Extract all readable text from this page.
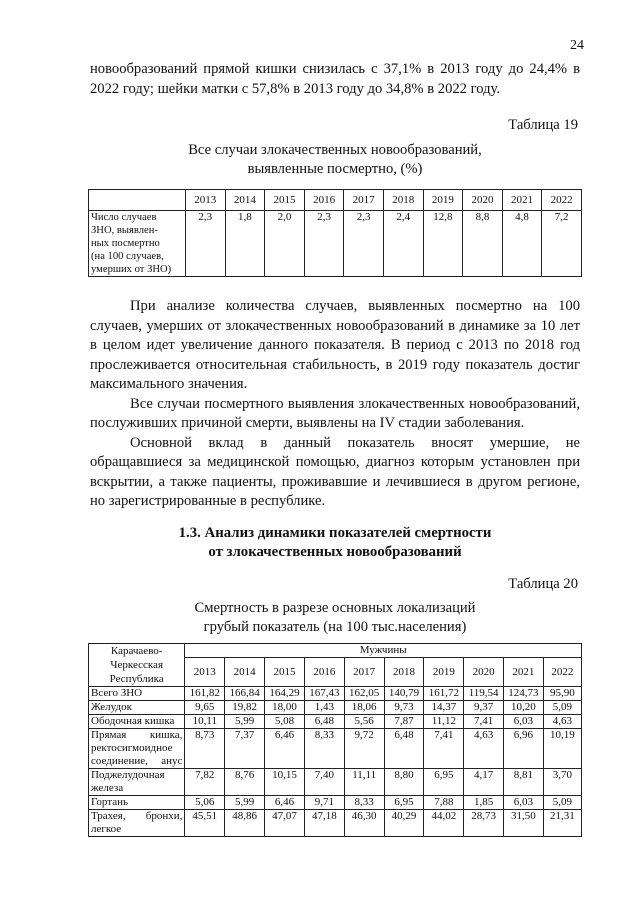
24

новообразований прямой кишки снизилась с 37,1% в 2013 году до 24,4% в

2022 году; шейки матки с 57,8% в 2013 году до 34,8% в 2022 году.

Таблица 19
Все случаи злокачественных новообразований,
выявленные посмертно, (%)
	2013	2014	2015	2016	2017	2018	2019	2020	2021	2022

Число случаев
ЗНО, выявлен-
ных посмертно
(на 100 случаев,
умерших от ЗНО)	2,3	1,8	2,0	2,3	2,3	2,4	12,8	8,8	4,8	7,2

При анализе количества случаев, выявленных посмертно на 100 случаев, умерших от злокачественных новообразований в динамике за 10 лет в целом идет увеличение данного показателя. В период с 2013 по 2018 год прослеживается относительная стабильность, в 2019 году показатель достиг максимального значения.

Все случаи посмертного выявления злокачественных новообразований, послуживших причиной смерти, выявлены на IV стадии заболевания.

Основной вклад в данный показатель вносят умершие, не обращавшиеся за медицинской помощью, диагноз которым установлен при вскрытии, а также пациенты, проживавшие и лечившиеся в другом регионе, но зарегистрированные в республике.

1.3. Анализ динамики показателей смертности
от злокачественных новообразований
Таблица 20
Смертность в разрезе основных локализаций
грубый показатель (на 100 тыс.населения)
Карачаево-
Черкесская
Республика	Мужчины									
	2013	2014	2015	2016	2017	2018	2019	2020	2021	2022
Всего ЗНО	161,82	166,84	164,29	167,43	162,05	140,79	161,72	119,54	124,73	95,90
Желудок	9,65	19,82	18,00	1,43	18,06	9,73	14,37	9,37	10,20	5,09
Ободочная кишка	10,11	5,99	5,08	6,48	5,56	7,87	11,12	7,41	6,03	4,63
Прямая кишка, ректосигмоидное соединение, анус	8,73	7,37	6,46	8,33	9,72	6,48	7,41	4,63	6,96	10,19
Поджелудочная железа	7,82	8,76	10,15	7,40	11,11	8,80	6,95	4,17	8,81	3,70
Гортань	5,06	5,99	6,46	9,71	8,33	6,95	7,88	1,85	6,03	5,09
Трахея, бронхи, легкое	45,51	48,86	47,07	47,18	46,30	40,29	44,02	28,73	31,50	21,31
